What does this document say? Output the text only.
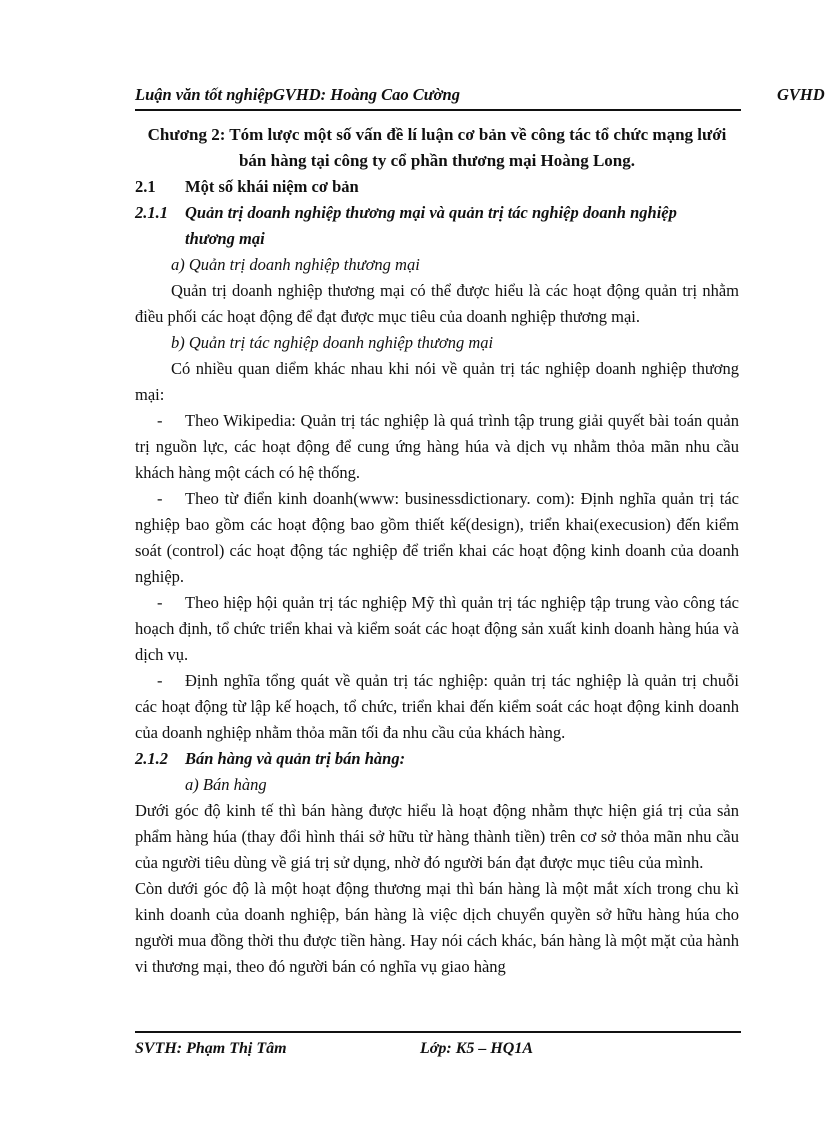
Luận văn tốt nghiệpGVHD: Hoàng Cao Cường	GVHD

Chương 2: Tóm lược một số vấn đề lí luận cơ bản về công tác tổ chức mạng lưới bán hàng tại công ty cổ phần thương mại Hoàng Long.

2.1 Một số khái niệm cơ bản

2.1.1 Quản trị doanh nghiệp thương mại và quản trị tác nghiệp doanh nghiệp

thương mại

a) Quản trị doanh nghiệp thương mại

Quản trị doanh nghiệp thương mại có thể được hiểu là các hoạt động quản trị nhằm điều phối các hoạt động để đạt được mục tiêu của doanh nghiệp thương mại.

b) Quản trị tác nghiệp doanh nghiệp thương mại

Có nhiều quan diểm khác nhau khi nói về quản trị tác nghiệp doanh nghiệp thương mại:

- Theo Wikipedia: Quản trị tác nghiệp là quá trình tập trung giải quyết bài toán quản trị nguồn lực, các hoạt động để cung ứng hàng húa và dịch vụ nhằm thỏa mãn nhu cầu khách hàng một cách có hệ thống.

- Theo từ điển kinh doanh(www: businessdictionary. com): Định nghĩa quản trị tác nghiệp bao gồm các hoạt động bao gồm thiết kế(design), triển khai(execusion) đến kiểm soát (control) các hoạt động tác nghiệp để triển khai các hoạt động kinh doanh của doanh nghiệp.

- Theo hiệp hội quản trị tác nghiệp Mỹ thì quản trị tác nghiệp tập trung vào công tác hoạch định, tổ chức triển khai và kiểm soát các hoạt động sản xuất kinh doanh hàng húa và dịch vụ.

- Định nghĩa tổng quát về quản trị tác nghiệp: quản trị tác nghiệp là quản trị chuỗi các hoạt động từ lập kế hoạch, tổ chức, triển khai đến kiểm soát các hoạt động kinh doanh của doanh nghiệp nhằm thỏa mãn tối đa nhu cầu của khách hàng.

2.1.2 Bán hàng và quản trị bán hàng:

a) Bán hàng

Dưới góc độ kinh tế thì bán hàng được hiểu là hoạt động nhằm thực hiện giá trị của sản phẩm hàng húa (thay đổi hình thái sở hữu từ hàng thành tiền) trên cơ sở thỏa mãn nhu cầu của người tiêu dùng về giá trị sử dụng, nhờ đó người bán đạt được mục tiêu của mình.

Còn dưới góc độ là một hoạt động thương mại thì bán hàng là một mắt xích trong chu kì kinh doanh của doanh nghiệp, bán hàng là việc dịch chuyển quyền sở hữu hàng húa cho người mua đồng thời thu được tiền hàng. Hay nói cách khác, bán hàng là một mặt của hành vi thương mại, theo đó người bán có nghĩa vụ giao hàng

SVTH: Phạm Thị Tâm	Lớp: K5 – HQ1A
